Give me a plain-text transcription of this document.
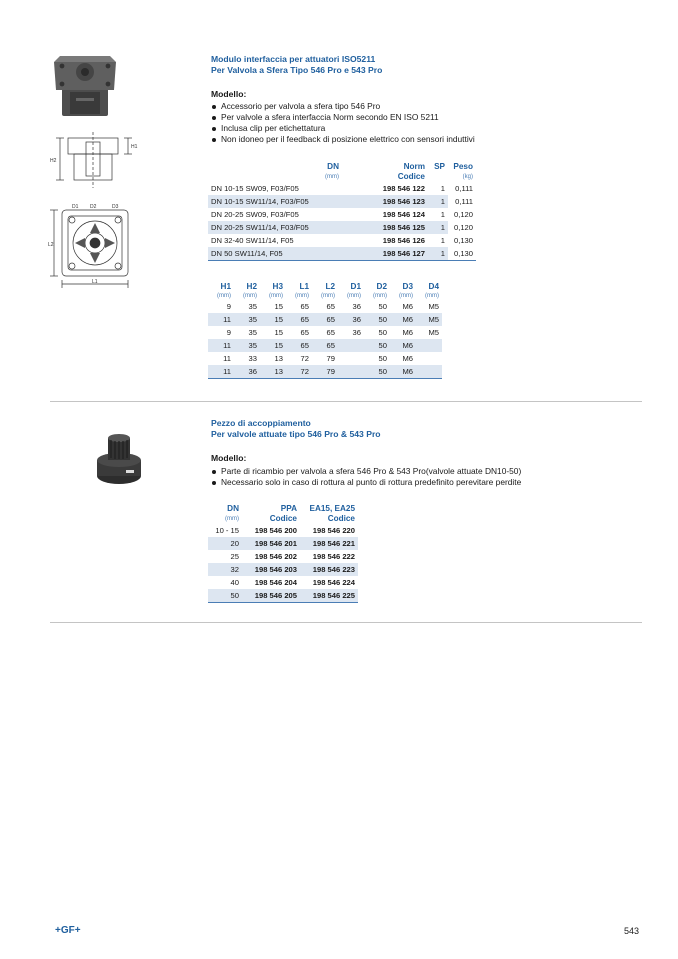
H2
H1
L1
L2
D1 D2	D3
Modulo interfaccia per attuatori ISO5211
Per Valvola a Sfera Tipo 546 Pro e 543 Pro
Modello:
Accessorio per valvola a sfera tipo 546 Pro
Per valvole a sfera interfaccia Norm secondo EN ISO 5211
Inclusa clip per etichettatura
Non idoneo per il feedback di posizione elettrico con sensori induttivi
DN	Norm	SP	Peso
(mm)	Codice		(kg)
DN 10-15 SW09, F03/F05	198 546 122	1	0,111
DN 10-15 SW11/14, F03/F05	198 546 123	1	0,111
DN 20-25 SW09, F03/F05	198 546 124	1	0,120
DN 20-25 SW11/14, F03/F05	198 546 125	1	0,120
DN 32-40 SW11/14, F05	198 546 126	1	0,130
DN 50 SW11/14, F05	198 546 127	1	0,130
H1	H2	H3	L1	L2	D1	D2	D3	D4
(mm)	(mm)	(mm)	(mm)	(mm)	(mm)	(mm)	(mm)	(mm)
9	35	15	65	65	36	50	M6	M5
11	35	15	65	65	36	50	M6	M5
9	35	15	65	65	36	50	M6	M5
11	35	15	65	65		50	M6	
11	33	13	72	79		50	M6	
11	36	13	72	79		50	M6	
Pezzo di accoppiamento
Per valvole attuate tipo 546 Pro & 543 Pro
Modello:
Parte di ricambio per valvola a sfera 546 Pro & 543 Pro(valvole attuate DN10-50)
Necessario solo in caso di rottura al punto di rottura predefinito perevitare perdite
DN	PPA	EA15, EA25
(mm)	Codice	Codice
10 - 15	198 546 200	198 546 220
20	198 546 201	198 546 221
25	198 546 202	198 546 222
32	198 546 203	198 546 223
40	198 546 204	198 546 224
50	198 546 205	198 546 225
+GF+	543
